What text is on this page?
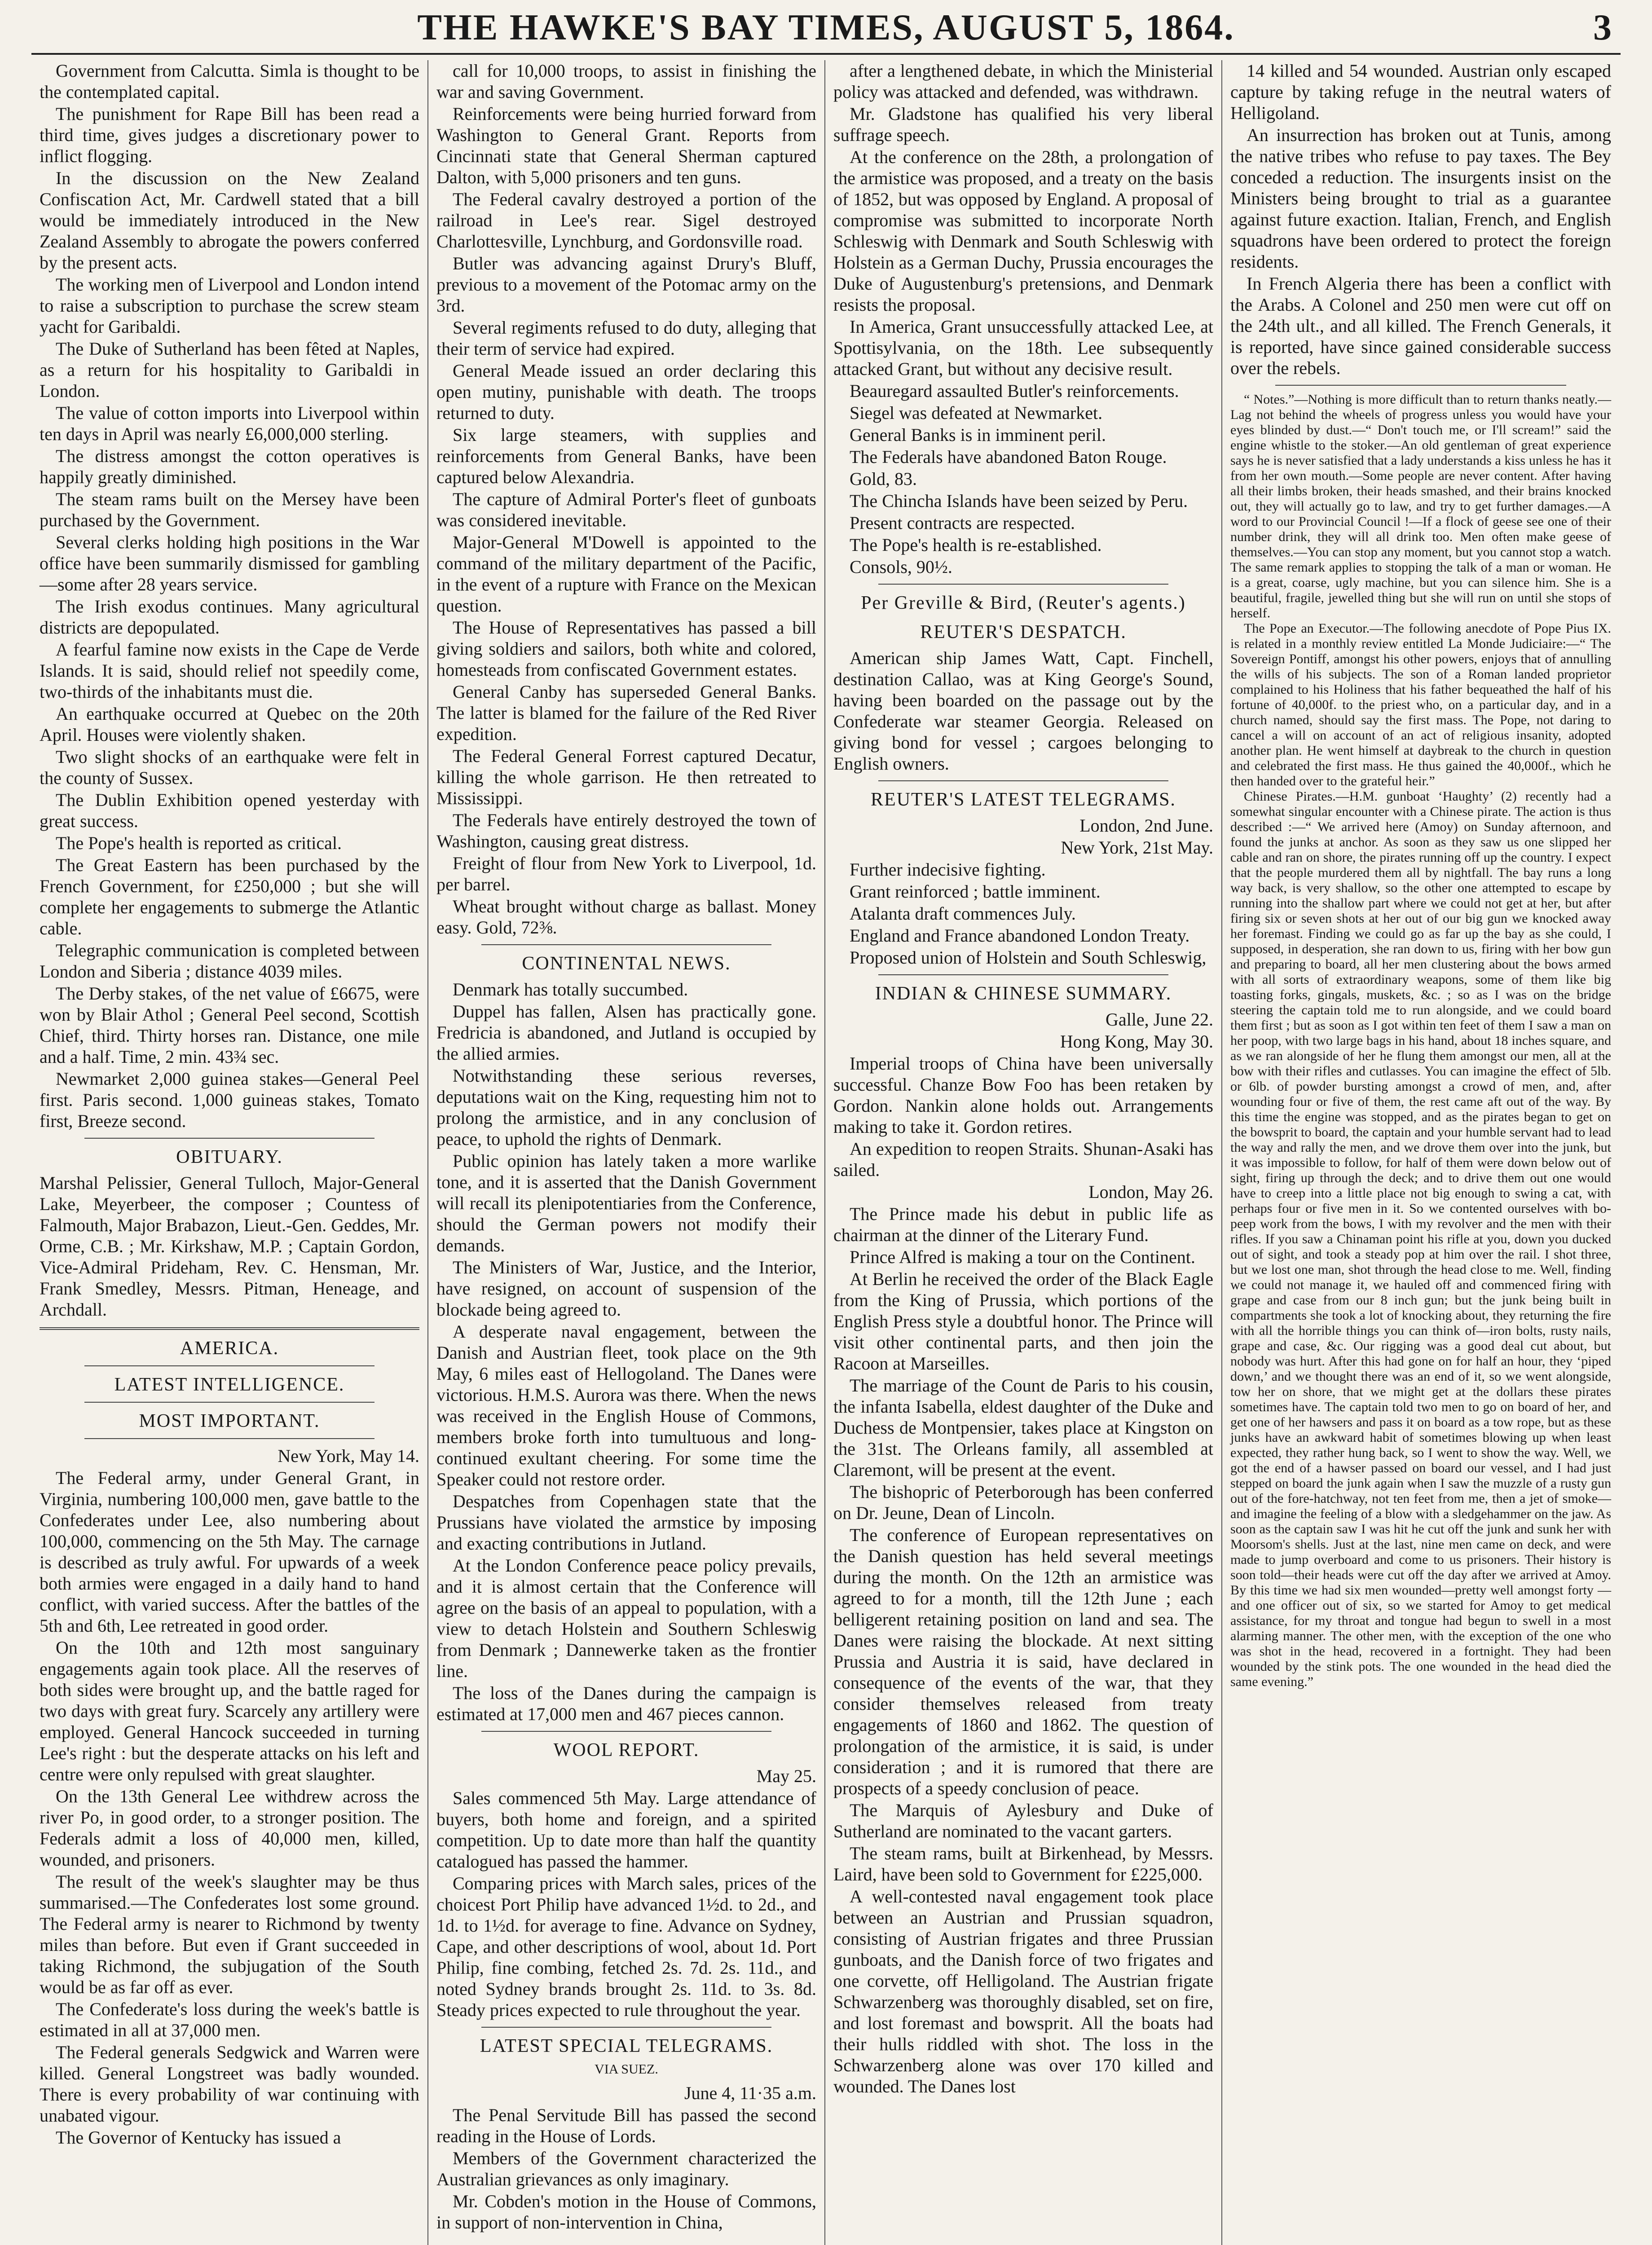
THE HAWKE'S BAY TIMES, AUGUST 5, 1864.	3

Government from Calcutta. Simla is thought to be the contemplated capital.

The punishment for Rape Bill has been read a third time, gives judges a discretionary power to inflict flogging.

In the discussion on the New Zealand Confiscation Act, Mr. Cardwell stated that a bill would be immediately introduced in the New Zealand Assembly to abrogate the powers conferred by the present acts.

The working men of Liverpool and London intend to raise a subscription to purchase the screw steam yacht for Garibaldi.

The Duke of Sutherland has been fêted at Naples, as a return for his hospitality to Garibaldi in London.

The value of cotton imports into Liverpool within ten days in April was nearly £6,000,000 sterling.

The distress amongst the cotton operatives is happily greatly diminished.

The steam rams built on the Mersey have been purchased by the Government.

Several clerks holding high positions in the War office have been summarily dismissed for gambling—some after 28 years service.

The Irish exodus continues. Many agricultural districts are depopulated.

A fearful famine now exists in the Cape de Verde Islands. It is said, should relief not speedily come, two-thirds of the inhabitants must die.

An earthquake occurred at Quebec on the 20th April. Houses were violently shaken.

Two slight shocks of an earthquake were felt in the county of Sussex.

The Dublin Exhibition opened yesterday with great success.

The Pope's health is reported as critical.

The Great Eastern has been purchased by the French Government, for £250,000 ; but she will complete her engagements to submerge the Atlantic cable.

Telegraphic communication is completed between London and Siberia ; distance 4039 miles.

The Derby stakes, of the net value of £6675, were won by Blair Athol ; General Peel second, Scottish Chief, third. Thirty horses ran. Distance, one mile and a half. Time, 2 min. 43¾ sec.

Newmarket 2,000 guinea stakes—General Peel first. Paris second. 1,000 guineas stakes, Tomato first, Breeze second.

OBITUARY.

Marshal Pelissier, General Tulloch, Major-General Lake, Meyerbeer, the composer ; Countess of Falmouth, Major Brabazon, Lieut.-Gen. Geddes, Mr. Orme, C.B. ; Mr. Kirkshaw, M.P. ; Captain Gordon, Vice-Admiral Prideham, Rev. C. Hensman, Mr. Frank Smedley, Messrs. Pitman, Heneage, and Archdall.

AMERICA.
LATEST INTELLIGENCE.
MOST IMPORTANT.

New York, May 14.

The Federal army, under General Grant, in Virginia, numbering 100,000 men, gave battle to the Confederates under Lee, also numbering about 100,000, commencing on the 5th May. The carnage is described as truly awful. For upwards of a week both armies were engaged in a daily hand to hand conflict, with varied success. After the battles of the 5th and 6th, Lee retreated in good order.

On the 10th and 12th most sanguinary engagements again took place. All the reserves of both sides were brought up, and the battle raged for two days with great fury. Scarcely any artillery were employed. General Hancock succeeded in turning Lee's right : but the desperate attacks on his left and centre were only repulsed with great slaughter.

On the 13th General Lee withdrew across the river Po, in good order, to a stronger position. The Federals admit a loss of 40,000 men, killed, wounded, and prisoners.

The result of the week's slaughter may be thus summarised.—The Confederates lost some ground. The Federal army is nearer to Richmond by twenty miles than before. But even if Grant succeeded in taking Richmond, the subjugation of the South would be as far off as ever.

The Confederate's loss during the week's battle is estimated in all at 37,000 men.

The Federal generals Sedgwick and Warren were killed. General Longstreet was badly wounded. There is every probability of war continuing with unabated vigour.

The Governor of Kentucky has issued a

call for 10,000 troops, to assist in finishing the war and saving Government.

Reinforcements were being hurried forward from Washington to General Grant. Reports from Cincinnati state that General Sherman captured Dalton, with 5,000 prisoners and ten guns.

The Federal cavalry destroyed a portion of the railroad in Lee's rear. Sigel destroyed Charlottesville, Lynchburg, and Gordonsville road.

Butler was advancing against Drury's Bluff, previous to a movement of the Potomac army on the 3rd.

Several regiments refused to do duty, alleging that their term of service had expired.

General Meade issued an order declaring this open mutiny, punishable with death. The troops returned to duty.

Six large steamers, with supplies and reinforcements from General Banks, have been captured below Alexandria.

The capture of Admiral Porter's fleet of gunboats was considered inevitable.

Major-General M'Dowell is appointed to the command of the military department of the Pacific, in the event of a rupture with France on the Mexican question.

The House of Representatives has passed a bill giving soldiers and sailors, both white and colored, homesteads from confiscated Government estates.

General Canby has superseded General Banks. The latter is blamed for the failure of the Red River expedition.

The Federal General Forrest captured Decatur, killing the whole garrison. He then retreated to Mississippi.

The Federals have entirely destroyed the town of Washington, causing great distress.

Freight of flour from New York to Liverpool, 1d. per barrel.

Wheat brought without charge as ballast. Money easy. Gold, 72⅜.

CONTINENTAL NEWS.

Denmark has totally succumbed.

Duppel has fallen, Alsen has practically gone. Fredricia is abandoned, and Jutland is occupied by the allied armies.

Notwithstanding these serious reverses, deputations wait on the King, requesting him not to prolong the armistice, and in any conclusion of peace, to uphold the rights of Denmark.

Public opinion has lately taken a more warlike tone, and it is asserted that the Danish Government will recall its plenipotentiaries from the Conference, should the German powers not modify their demands.

The Ministers of War, Justice, and the Interior, have resigned, on account of suspension of the blockade being agreed to.

A desperate naval engagement, between the Danish and Austrian fleet, took place on the 9th May, 6 miles east of Hellogoland. The Danes were victorious. H.M.S. Aurora was there. When the news was received in the English House of Commons, members broke forth into tumultuous and long-continued exultant cheering. For some time the Speaker could not restore order.

Despatches from Copenhagen state that the Prussians have violated the armstice by imposing and exacting contributions in Jutland.

At the London Conference peace policy prevails, and it is almost certain that the Conference will agree on the basis of an appeal to population, with a view to detach Holstein and Southern Schleswig from Denmark ; Dannewerke taken as the frontier line.

The loss of the Danes during the campaign is estimated at 17,000 men and 467 pieces cannon.

WOOL REPORT.

May 25.

Sales commenced 5th May. Large attendance of buyers, both home and foreign, and a spirited competition. Up to date more than half the quantity catalogued has passed the hammer.

Comparing prices with March sales, prices of the choicest Port Philip have advanced 1½d. to 2d., and 1d. to 1½d. for average to fine. Advance on Sydney, Cape, and other descriptions of wool, about 1d. Port Philip, fine combing, fetched 2s. 7d. 2s. 11d., and noted Sydney brands brought 2s. 11d. to 3s. 8d. Steady prices expected to rule throughout the year.

LATEST SPECIAL TELEGRAMS.
VIA SUEZ.

June 4, 11·35 a.m.

The Penal Servitude Bill has passed the second reading in the House of Lords.

Members of the Government characterized the Australian grievances as only imaginary.

Mr. Cobden's motion in the House of Commons, in support of non-intervention in China,

after a lengthened debate, in which the Ministerial policy was attacked and defended, was withdrawn.

Mr. Gladstone has qualified his very liberal suffrage speech.

At the conference on the 28th, a prolongation of the armistice was proposed, and a treaty on the basis of 1852, but was opposed by England. A proposal of compromise was submitted to incorporate North Schleswig with Denmark and South Schleswig with Holstein as a German Duchy, Prussia encourages the Duke of Augustenburg's pretensions, and Denmark resists the proposal.

In America, Grant unsuccessfully attacked Lee, at Spottisylvania, on the 18th. Lee subsequently attacked Grant, but without any decisive result.

Beauregard assaulted Butler's reinforcements.

Siegel was defeated at Newmarket.

General Banks is in imminent peril.

The Federals have abandoned Baton Rouge.

Gold, 83.

The Chincha Islands have been seized by Peru.

Present contracts are respected.

The Pope's health is re-established.

Consols, 90½.

Per Greville & Bird, (Reuter's agents.)
REUTER'S DESPATCH.

American ship James Watt, Capt. Finchell, destination Callao, was at King George's Sound, having been boarded on the passage out by the Confederate war steamer Georgia. Released on giving bond for vessel ; cargoes belonging to English owners.

REUTER'S LATEST TELEGRAMS.

London, 2nd June.

New York, 21st May.

Further indecisive fighting.

Grant reinforced ; battle imminent.

Atalanta draft commences July.

England and France abandoned London Treaty.

Proposed union of Holstein and South Schleswig,

INDIAN & CHINESE SUMMARY.

Galle, June 22.

Hong Kong, May 30.

Imperial troops of China have been universally successful. Chanze Bow Foo has been retaken by Gordon. Nankin alone holds out. Arrangements making to take it. Gordon retires.

An expedition to reopen Straits. Shunan-Asaki has sailed.

London, May 26.

The Prince made his debut in public life as chairman at the dinner of the Literary Fund.

Prince Alfred is making a tour on the Continent.

At Berlin he received the order of the Black Eagle from the King of Prussia, which portions of the English Press style a doubtful honor. The Prince will visit other continental parts, and then join the Racoon at Marseilles.

The marriage of the Count de Paris to his cousin, the infanta Isabella, eldest daughter of the Duke and Duchess de Montpensier, takes place at Kingston on the 31st. The Orleans family, all assembled at Claremont, will be present at the event.

The bishopric of Peterborough has been conferred on Dr. Jeune, Dean of Lincoln.

The conference of European representatives on the Danish question has held several meetings during the month. On the 12th an armistice was agreed to for a month, till the 12th June ; each belligerent retaining position on land and sea. The Danes were raising the blockade. At next sitting Prussia and Austria it is said, have declared in consequence of the events of the war, that they consider themselves released from treaty engagements of 1860 and 1862. The question of prolongation of the armistice, it is said, is under consideration ; and it is rumored that there are prospects of a speedy conclusion of peace.

The Marquis of Aylesbury and Duke of Sutherland are nominated to the vacant garters.

The steam rams, built at Birkenhead, by Messrs. Laird, have been sold to Government for £225,000.

A well-contested naval engagement took place between an Austrian and Prussian squadron, consisting of Austrian frigates and three Prussian gunboats, and the Danish force of two frigates and one corvette, off Helligoland. The Austrian frigate Schwarzenberg was thoroughly disabled, set on fire, and lost foremast and bowsprit. All the boats had their hulls riddled with shot. The loss in the Schwarzenberg alone was over 170 killed and wounded. The Danes lost

14 killed and 54 wounded. Austrian only escaped capture by taking refuge in the neutral waters of Helligoland.

An insurrection has broken out at Tunis, among the native tribes who refuse to pay taxes. The Bey conceded a reduction. The insurgents insist on the Ministers being brought to trial as a guarantee against future exaction. Italian, French, and English squadrons have been ordered to protect the foreign residents.

In French Algeria there has been a conflict with the Arabs. A Colonel and 250 men were cut off on the 24th ult., and all killed. The French Generals, it is reported, have since gained considerable success over the rebels.

“ Notes.”—Nothing is more difficult than to return thanks neatly.—Lag not behind the wheels of progress unless you would have your eyes blinded by dust.—“ Don't touch me, or I'll scream!” said the engine whistle to the stoker.—An old gentleman of great experience says he is never satisfied that a lady understands a kiss unless he has it from her own mouth.—Some people are never content. After having all their limbs broken, their heads smashed, and their brains knocked out, they will actually go to law, and try to get further damages.—A word to our Provincial Council !—If a flock of geese see one of their number drink, they will all drink too. Men often make geese of themselves.—You can stop any moment, but you cannot stop a watch. The same remark applies to stopping the talk of a man or woman. He is a great, coarse, ugly machine, but you can silence him. She is a beautiful, fragile, jewelled thing but she will run on until she stops of herself.

The Pope an Executor.—The following anecdote of Pope Pius IX. is related in a monthly review entitled La Monde Judiciaire:—“ The Sovereign Pontiff, amongst his other powers, enjoys that of annulling the wills of his subjects. The son of a Roman landed proprietor complained to his Holiness that his father bequeathed the half of his fortune of 40,000f. to the priest who, on a particular day, and in a church named, should say the first mass. The Pope, not daring to cancel a will on account of an act of religious insanity, adopted another plan. He went himself at daybreak to the church in question and celebrated the first mass. He thus gained the 40,000f., which he then handed over to the grateful heir.”

Chinese Pirates.—H.M. gunboat ‘Haughty’ (2) recently had a somewhat singular encounter with a Chinese pirate. The action is thus described :—“ We arrived here (Amoy) on Sunday afternoon, and found the junks at anchor. As soon as they saw us one slipped her cable and ran on shore, the pirates running off up the country. I expect that the people murdered them all by nightfall. The bay runs a long way back, is very shallow, so the other one attempted to escape by running into the shallow part where we could not get at her, but after firing six or seven shots at her out of our big gun we knocked away her foremast. Finding we could go as far up the bay as she could, I supposed, in desperation, she ran down to us, firing with her bow gun and preparing to board, all her men clustering about the bows armed with all sorts of extraordinary weapons, some of them like big toasting forks, gingals, muskets, &c. ; so as I was on the bridge steering the captain told me to run alongside, and we could board them first ; but as soon as I got within ten feet of them I saw a man on her poop, with two large bags in his hand, about 18 inches square, and as we ran alongside of her he flung them amongst our men, all at the bow with their rifles and cutlasses. You can imagine the effect of 5lb. or 6lb. of powder bursting amongst a crowd of men, and, after wounding four or five of them, the rest came aft out of the way. By this time the engine was stopped, and as the pirates began to get on the bowsprit to board, the captain and your humble servant had to lead the way and rally the men, and we drove them over into the junk, but it was impossible to follow, for half of them were down below out of sight, firing up through the deck; and to drive them out one would have to creep into a little place not big enough to swing a cat, with perhaps four or five men in it. So we contented ourselves with bo-peep work from the bows, I with my revolver and the men with their rifles. If you saw a Chinaman point his rifle at you, down you ducked out of sight, and took a steady pop at him over the rail. I shot three, but we lost one man, shot through the head close to me. Well, finding we could not manage it, we hauled off and commenced firing with grape and case from our 8 inch gun; but the junk being built in compartments she took a lot of knocking about, they returning the fire with all the horrible things you can think of—iron bolts, rusty nails, grape and case, &c. Our rigging was a good deal cut about, but nobody was hurt. After this had gone on for half an hour, they ‘piped down,’ and we thought there was an end of it, so we went alongside, tow her on shore, that we might get at the dollars these pirates sometimes have. The captain told two men to go on board of her, and get one of her hawsers and pass it on board as a tow rope, but as these junks have an awkward habit of sometimes blowing up when least expected, they rather hung back, so I went to show the way. Well, we got the end of a hawser passed on board our vessel, and I had just stepped on board the junk again when I saw the muzzle of a rusty gun out of the fore-hatchway, not ten feet from me, then a jet of smoke—and imagine the feeling of a blow with a sledgehammer on the jaw. As soon as the captain saw I was hit he cut off the junk and sunk her with Moorsom's shells. Just at the last, nine men came on deck, and were made to jump overboard and come to us prisoners. Their history is soon told—their heads were cut off the day after we arrived at Amoy. By this time we had six men wounded—pretty well amongst forty —and one officer out of six, so we started for Amoy to get medical assistance, for my throat and tongue had begun to swell in a most alarming manner. The other men, with the exception of the one who was shot in the head, recovered in a fortnight. They had been wounded by the stink pots. The one wounded in the head died the same evening.”
